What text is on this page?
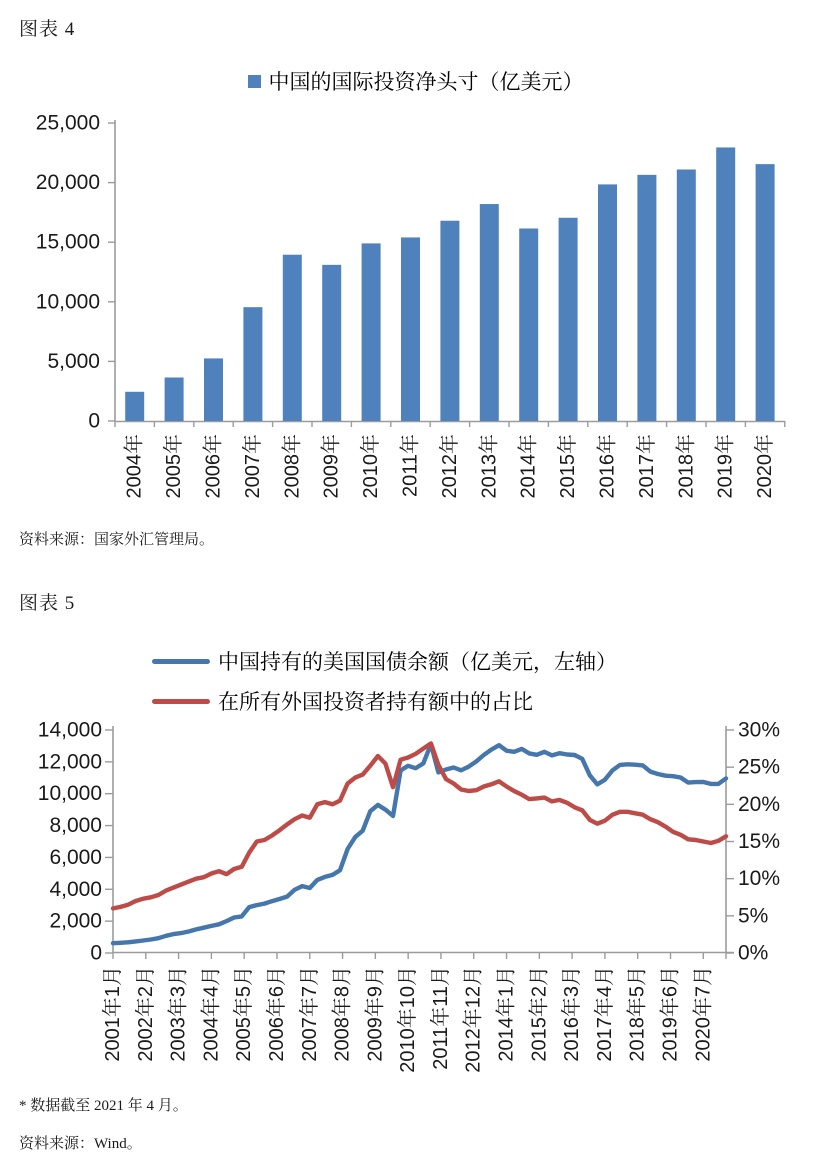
图表 4
中国的国际投资净头寸（亿美元）
0
5,000
10,000
15,000
20,000
25,000
2004年 2005年 2006年 2007年 2008年 2009年 2010年 2011年 2012年 2013年 2014年 2015年 2016年 2017年 2018年 2019年 2020年
资料来源：国家外汇管理局。
图表 5
中国持有的美国国债余额（亿美元，左轴）
在所有外国投资者持有额中的占比
0
2,000
4,000
6,000
8,000
10,000
12,000
14,000
0%
5%
10%
15%
20%
25%
30%
2001年1月 2002年2月 2003年3月 2004年4月 2005年5月 2006年6月 2007年7月 2008年8月 2009年9月 2010年10月 2011年11月 2012年12月 2014年1月 2015年2月 2016年3月 2017年4月 2018年5月 2019年6月 2020年7月
* 数据截至 2021 年 4 月。
资料来源：Wind。
